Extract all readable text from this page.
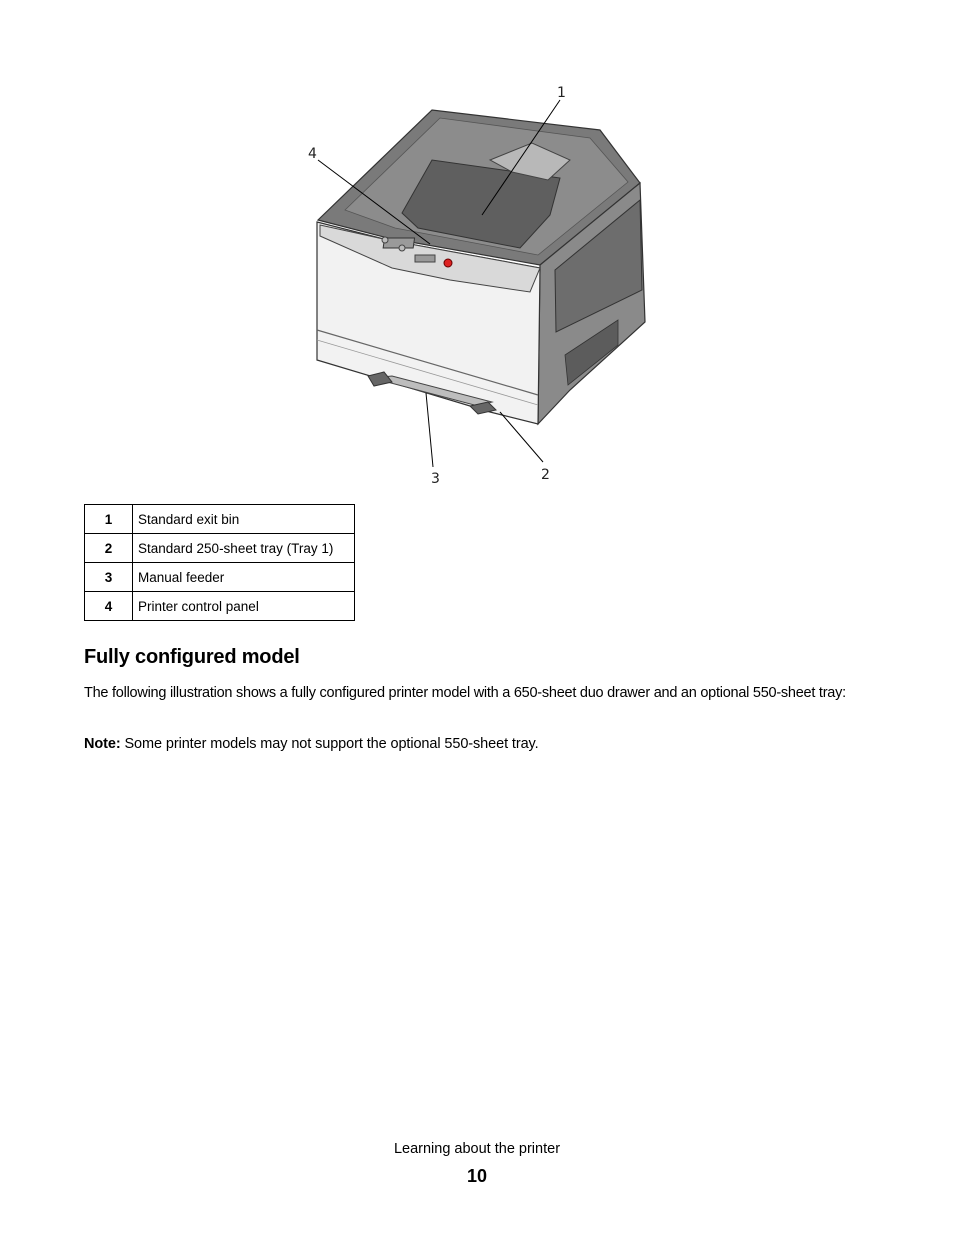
1
4
3	2
1	Standard exit bin
2	Standard 250-sheet tray (Tray 1)
3	Manual feeder
4	Printer control panel
Fully configured model

The following illustration shows a fully configured printer model with a 650-sheet duo drawer and an optional 550-sheet tray:

Note: Some printer models may not support the optional 550-sheet tray.

Learning about the printer
10
